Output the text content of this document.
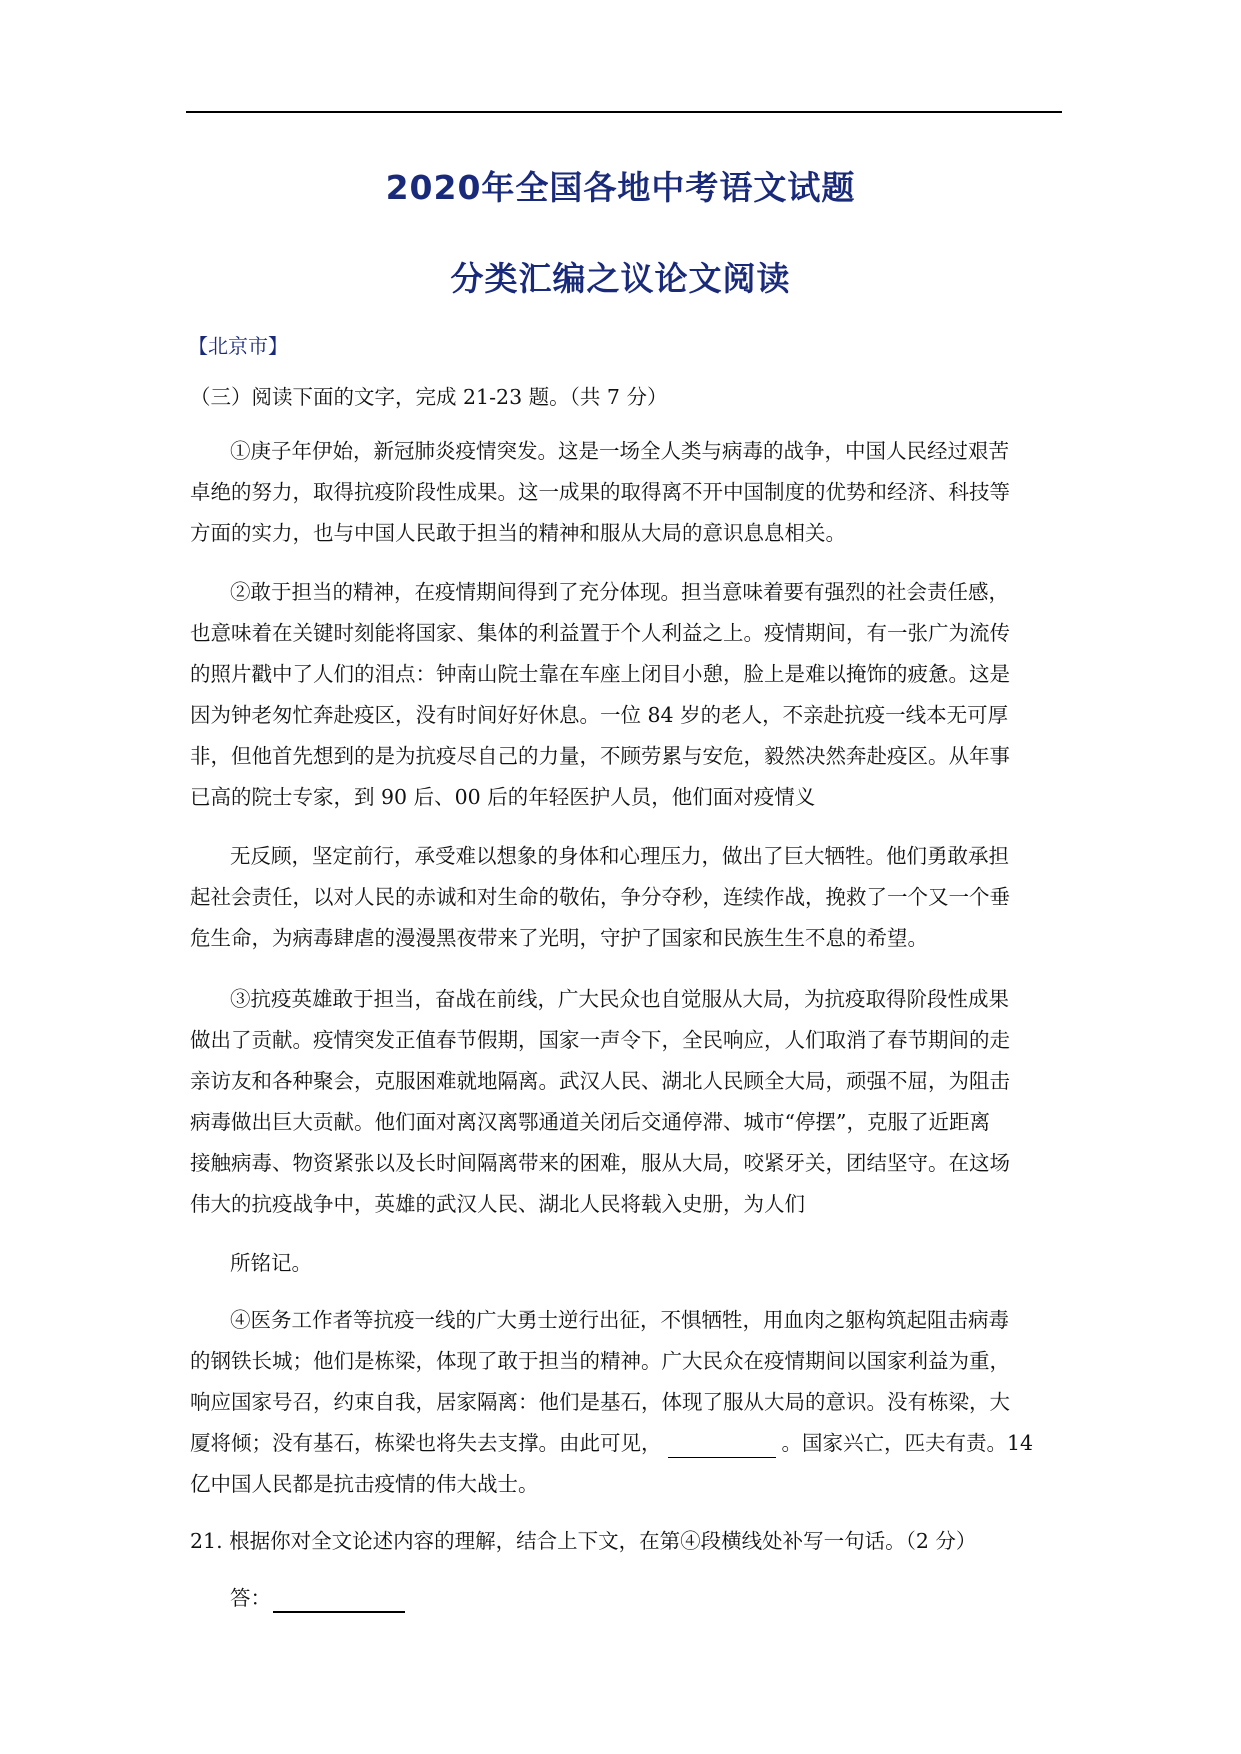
2020年全国各地中考语文试题
分类汇编之议论文阅读
【北京市】
（三）阅读下面的文字，完成 21-23 题。（共 7 分）
①庚子年伊始，新冠肺炎疫情突发。这是一场全人类与病毒的战争，中国人民经过艰苦
卓绝的努力，取得抗疫阶段性成果。这一成果的取得离不开中国制度的优势和经济、科技等
方面的实力，也与中国人民敢于担当的精神和服从大局的意识息息相关。
②敢于担当的精神，在疫情期间得到了充分体现。担当意味着要有强烈的社会责任感，
也意味着在关键时刻能将国家、集体的利益置于个人利益之上。疫情期间，有一张广为流传
的照片戳中了人们的泪点：钟南山院士靠在车座上闭目小憩，脸上是难以掩饰的疲惫。这是
因为钟老匆忙奔赴疫区，没有时间好好休息。一位 84 岁的老人，不亲赴抗疫一线本无可厚
非，但他首先想到的是为抗疫尽自己的力量，不顾劳累与安危，毅然决然奔赴疫区。从年事
已高的院士专家，到 90 后、00 后的年轻医护人员，他们面对疫情义
无反顾，坚定前行，承受难以想象的身体和心理压力，做出了巨大牺牲。他们勇敢承担
起社会责任，以对人民的赤诚和对生命的敬佑，争分夺秒，连续作战，挽救了一个又一个垂
危生命，为病毒肆虐的漫漫黑夜带来了光明，守护了国家和民族生生不息的希望。
③抗疫英雄敢于担当，奋战在前线，广大民众也自觉服从大局，为抗疫取得阶段性成果
做出了贡献。疫情突发正值春节假期，国家一声令下，全民响应，人们取消了春节期间的走
亲访友和各种聚会，克服困难就地隔离。武汉人民、湖北人民顾全大局，顽强不屈，为阻击
病毒做出巨大贡献。他们面对离汉离鄂通道关闭后交通停滞、城市“停摆”，克服了近距离
接触病毒、物资紧张以及长时间隔离带来的困难，服从大局，咬紧牙关，团结坚守。在这场
伟大的抗疫战争中，英雄的武汉人民、湖北人民将载入史册，为人们
所铭记。
④医务工作者等抗疫一线的广大勇士逆行出征，不惧牺牲，用血肉之躯构筑起阻击病毒
的钢铁长城；他们是栋梁，体现了敢于担当的精神。广大民众在疫情期间以国家利益为重，
响应国家号召，约束自我，居家隔离：他们是基石，体现了服从大局的意识。没有栋梁，大
厦将倾；没有基石，栋梁也将失去支撑。由此可见，	。国家兴亡，匹夫有责。14
亿中国人民都是抗击疫情的伟大战士。
21. 根据你对全文论述内容的理解，结合上下文，在第④段横线处补写一句话。（2 分）
答：
